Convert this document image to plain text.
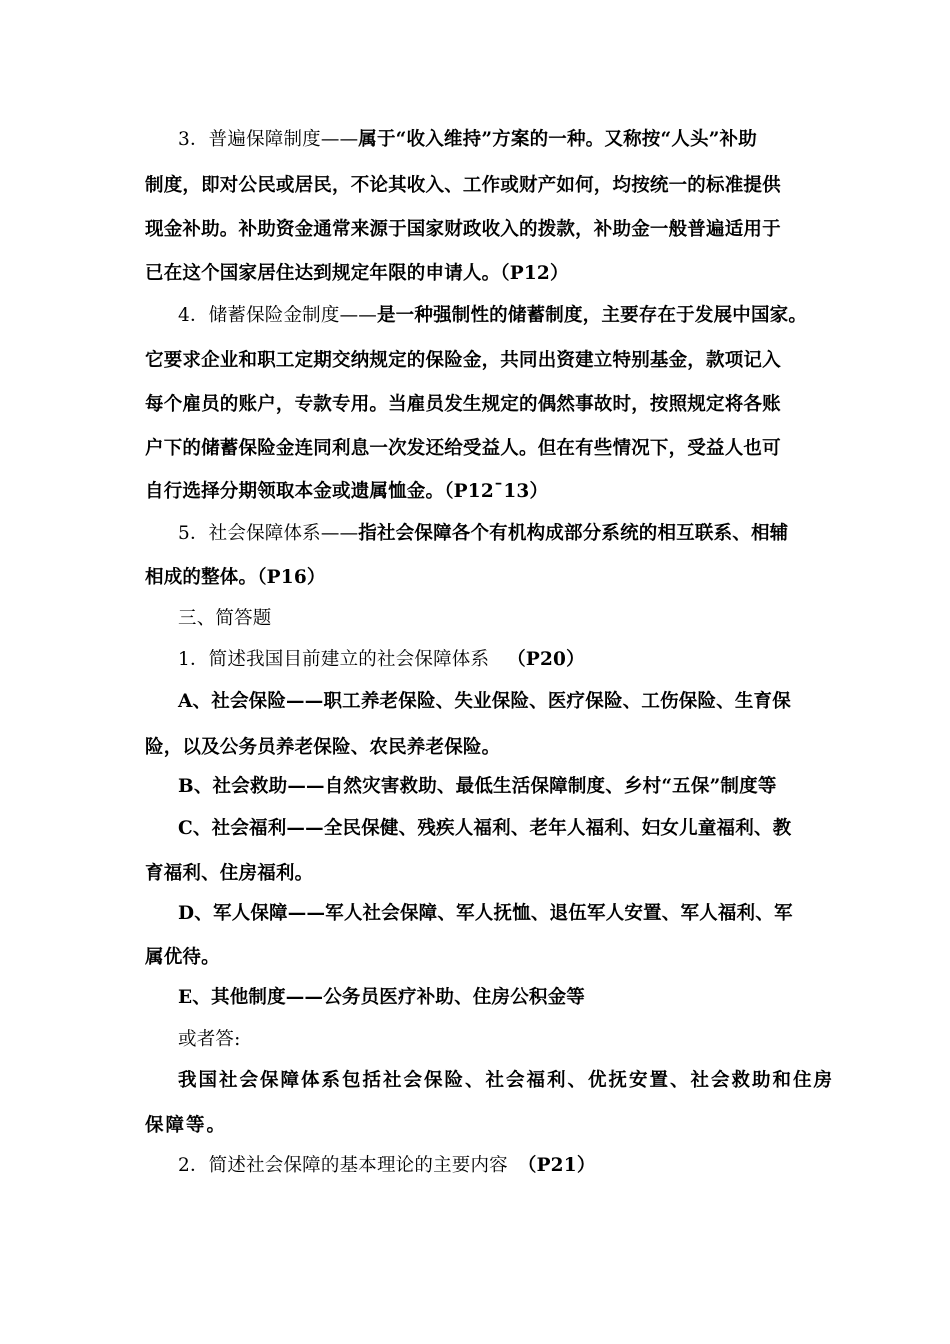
3．普遍保障制度——属于“收入维持”方案的一种。又称按“人头”补助
制度，即对公民或居民，不论其收入、工作或财产如何，均按统一的标准提供
现金补助。补助资金通常来源于国家财政收入的拨款，补助金一般普遍适用于
已在这个国家居住达到规定年限的申请人。（P12）
4．储蓄保险金制度——是一种强制性的储蓄制度，主要存在于发展中国家。
它要求企业和职工定期交纳规定的保险金，共同出资建立特别基金，款项记入
每个雇员的账户，专款专用。当雇员发生规定的偶然事故时，按照规定将各账
户下的储蓄保险金连同利息一次发还给受益人。但在有些情况下，受益人也可
自行选择分期领取本金或遗属恤金。（P12¯13）
5．社会保障体系——指社会保障各个有机构成部分系统的相互联系、相辅
相成的整体。（P16）
三、简答题
1．简述我国目前建立的社会保障体系 （P20）
A、社会保险——职工养老保险、失业保险、医疗保险、工伤保险、生育保
险，以及公务员养老保险、农民养老保险。
B、社会救助——自然灾害救助、最低生活保障制度、乡村“五保”制度等
C、社会福利——全民保健、残疾人福利、老年人福利、妇女儿童福利、教
育福利、住房福利。
D、军人保障——军人社会保障、军人抚恤、退伍军人安置、军人福利、军
属优待。
E、其他制度——公务员医疗补助、住房公积金等
或者答:
我国社会保障体系包括社会保险、社会福利、优抚安置、社会救助和住房
保障等。
2．简述社会保障的基本理论的主要内容 （P21）
